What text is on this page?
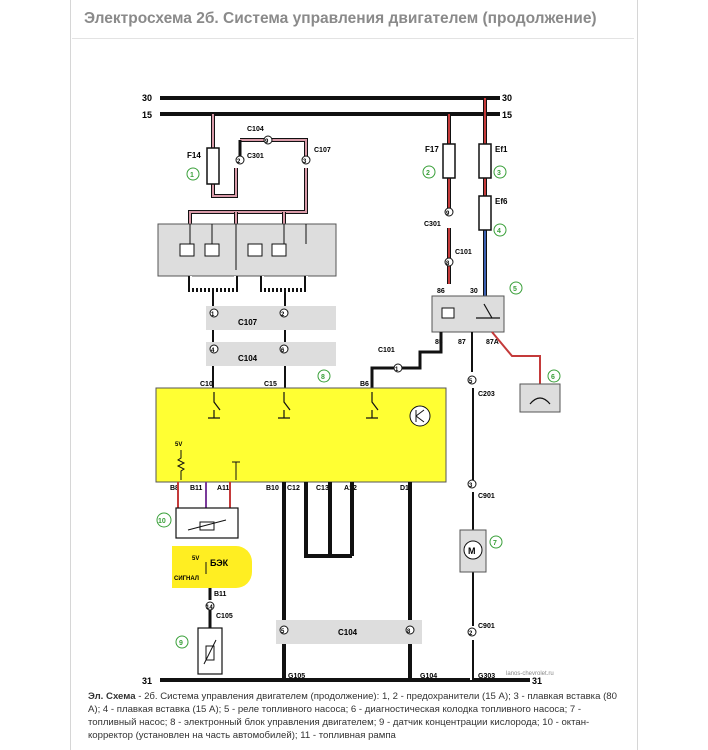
Электросхема 2б. Система управления двигателем (продолжение)
30
15
30
15
31	31
F14
9
C104
2
C301
3
C107
C107
1	2
C104
4	6
F17	Ef1
Ef6
9
C301
8
C101
86	30
85 87	87A
1
C101
5
C203
C10	C15	B6
5V
B8 B11 A11	B10 C12 C13 A12	D1
БЭК
5V
СИГНАЛ
B11
14
C105
C104
5	8
3
C901
M
2
C901
G105	G104	G303 lanos-chevrolet.ru
1	2	3
4
5
6
7
8
9
10
Эл. Схема - 2б. Система управления двигателем (продолжение): 1, 2 - предохранители (15 А); 3 - плавкая вставка (80 А); 4 - плавкая вставка (15 А); 5 - реле топливного насоса; 6 - диагностическая колодка топливного насоса; 7 - топливный насос; 8 - электронный блок управления двигателем; 9 - датчик концентрации кислорода; 10 - октан-корректор (установлен на часть автомобилей); 11 - топливная рампа
